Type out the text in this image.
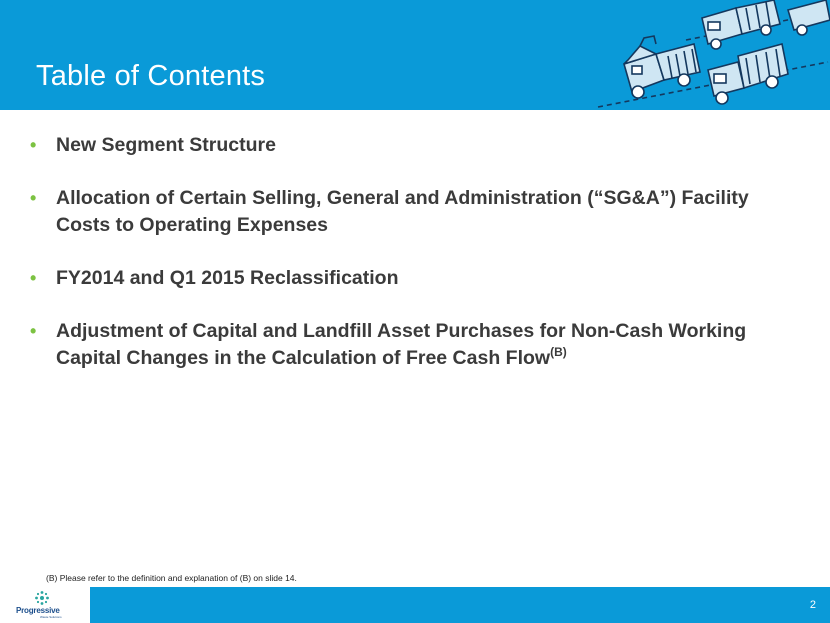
Table of Contents
• New Segment Structure
• Allocation of Certain Selling, General and Administration (“SG&A”) Facility Costs to Operating Expenses
• FY2014 and Q1 2015 Reclassification
• Adjustment of Capital and Landfill Asset Purchases for Non-Cash Working Capital Changes in the Calculation of Free Cash Flow$^{(B)}$
(B) Please refer to the definition and explanation of (B) on slide 14.
Progressive
Waste Solutions
2
